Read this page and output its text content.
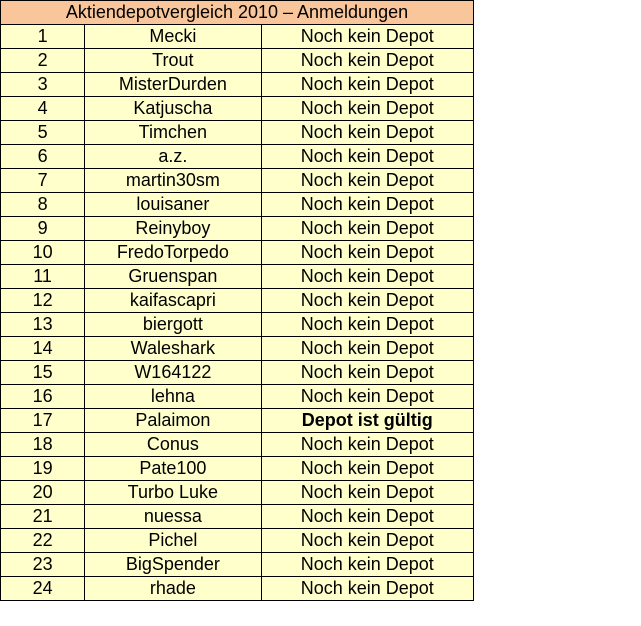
Aktiendepotvergleich 2010 – Anmeldungen		
1	Mecki	Noch kein Depot
2	Trout	Noch kein Depot
3	MisterDurden	Noch kein Depot
4	Katjuscha	Noch kein Depot
5	Timchen	Noch kein Depot
6	a.z.	Noch kein Depot
7	martin30sm	Noch kein Depot
8	louisaner	Noch kein Depot
9	Reinyboy	Noch kein Depot
10	FredoTorpedo	Noch kein Depot
11	Gruenspan	Noch kein Depot
12	kaifascapri	Noch kein Depot
13	biergott	Noch kein Depot
14	Waleshark	Noch kein Depot
15	W164122	Noch kein Depot
16	lehna	Noch kein Depot
17	Palaimon	Depot ist gültig
18	Conus	Noch kein Depot
19	Pate100	Noch kein Depot
20	Turbo Luke	Noch kein Depot
21	nuessa	Noch kein Depot
22	Pichel	Noch kein Depot
23	BigSpender	Noch kein Depot
24	rhade	Noch kein Depot
